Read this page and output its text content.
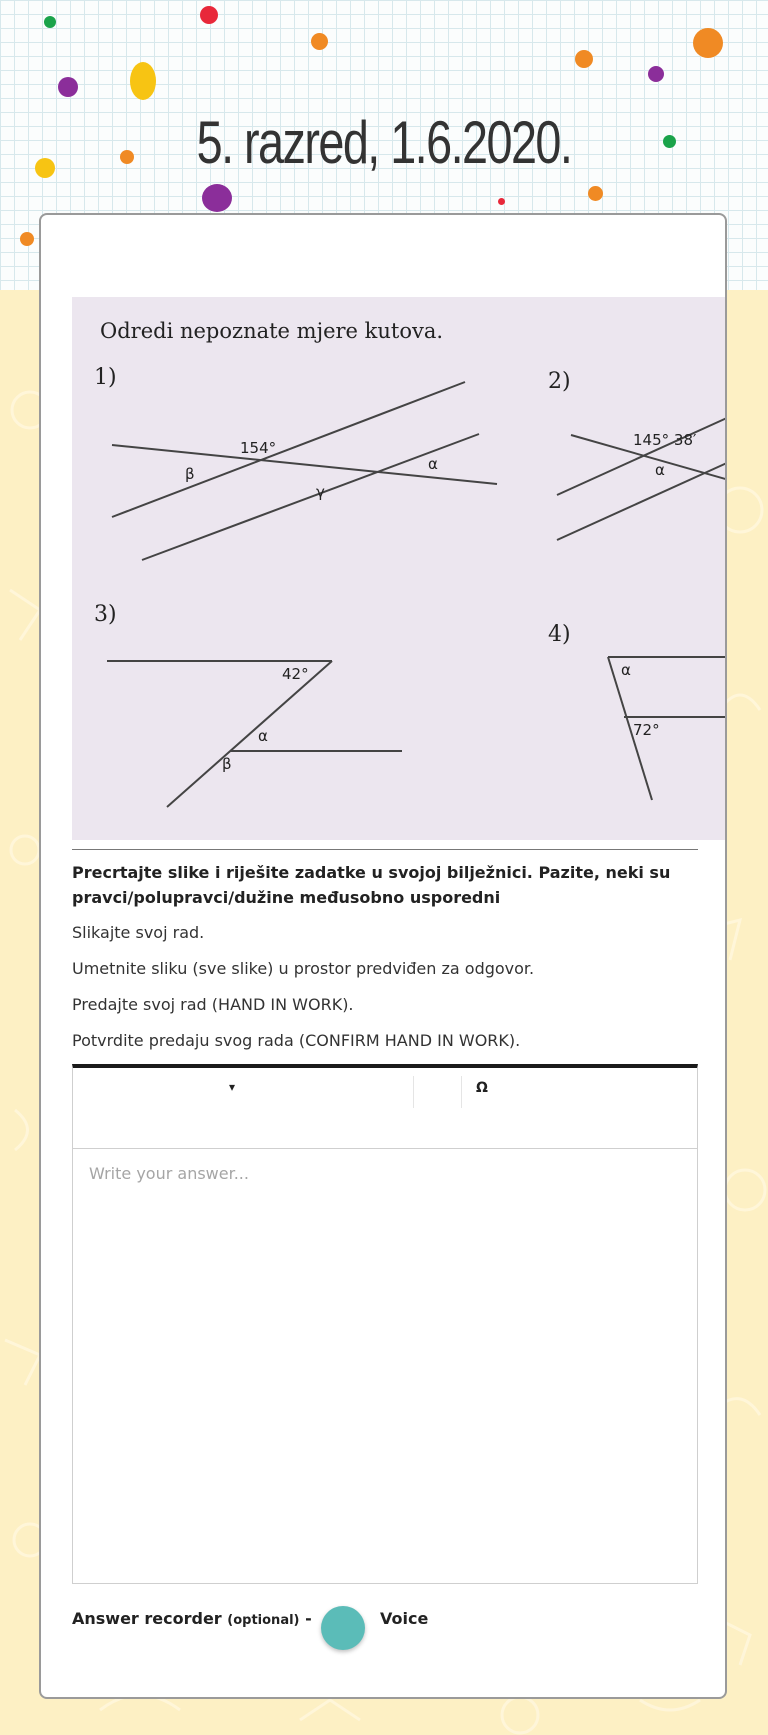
5. razred, 1.6.2020.
Odredi nepoznate mjere kutova.
1)	2)
3)
4)
154°
β
γ
α
145° 38′
α
42°
α
β
α
72°
Precrtajte slike i riješite zadatke u svojoj bilježnici. Pazite, neki su pravci/polupravci/dužine međusobno usporedni
Slikajte svoj rad.
Umetnite sliku (sve slike) u prostor predviđen za odgovor.
Predajte svoj rad (HAND IN WORK).
Potvrdite predaju svog rada (CONFIRM HAND IN WORK).
▾	Ω
Write your answer...
Answer recorder (optional) -	Voice
